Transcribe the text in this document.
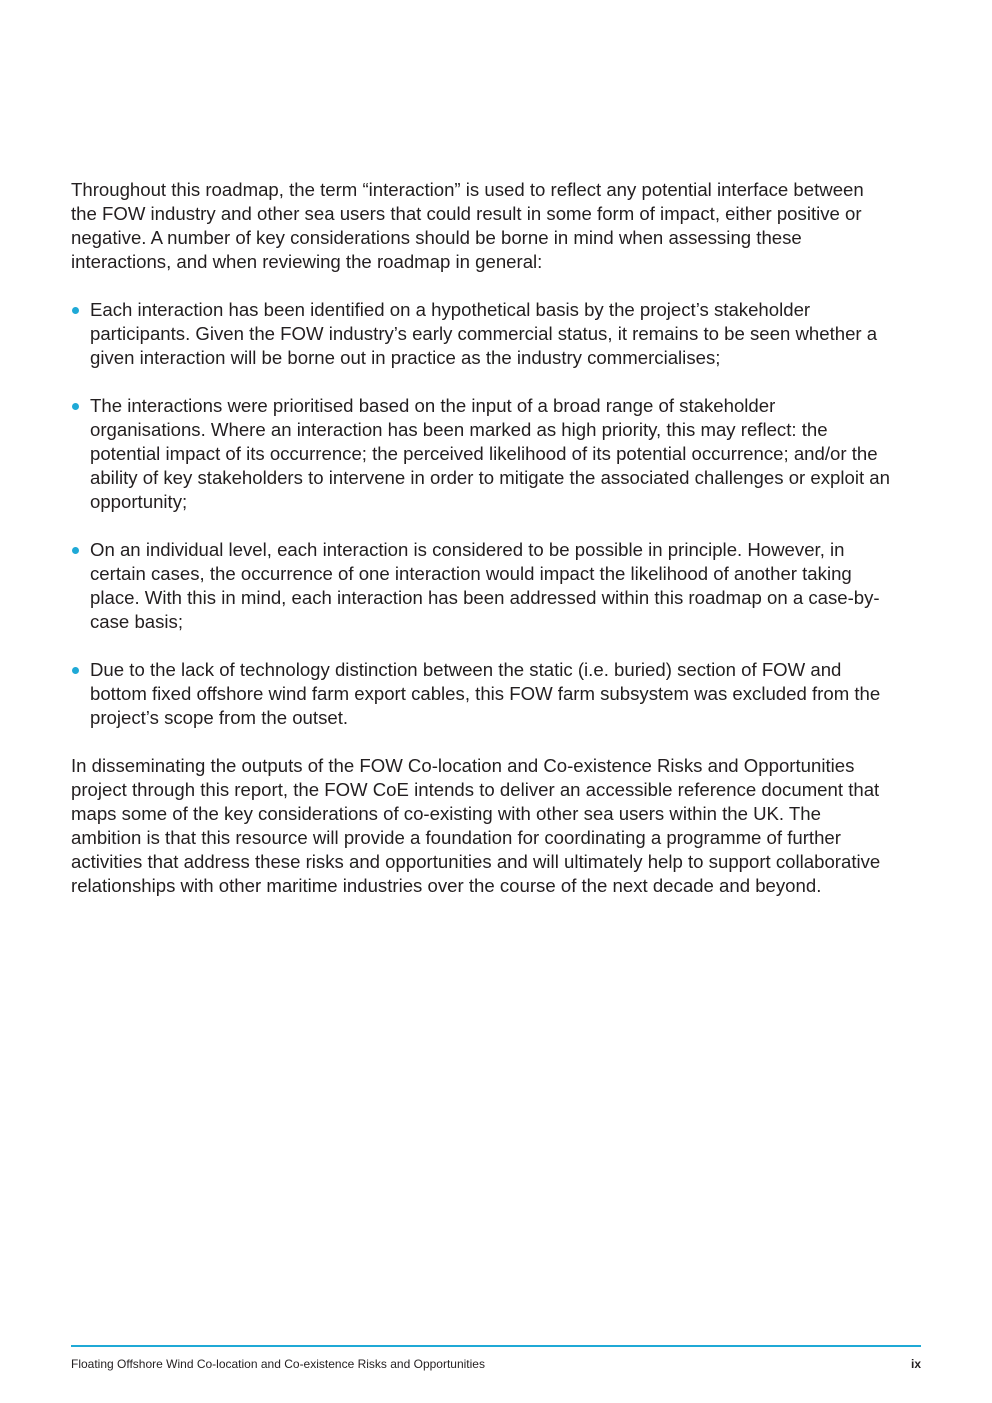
Throughout this roadmap, the term “interaction” is used to reflect any potential interface between the FOW industry and other sea users that could result in some form of impact, either positive or negative. A number of key considerations should be borne in mind when assessing these interactions, and when reviewing the roadmap in general:

Each interaction has been identified on a hypothetical basis by the project’s stakeholder participants. Given the FOW industry’s early commercial status, it remains to be seen whether a given interaction will be borne out in practice as the industry commercialises;
The interactions were prioritised based on the input of a broad range of stakeholder organisations. Where an interaction has been marked as high priority, this may reflect: the potential impact of its occurrence; the perceived likelihood of its potential occurrence; and/or the ability of key stakeholders to intervene in order to mitigate the associated challenges or exploit an opportunity;
On an individual level, each interaction is considered to be possible in principle. However, in certain cases, the occurrence of one interaction would impact the likelihood of another taking place. With this in mind, each interaction has been addressed within this roadmap on a case-by-case basis;
Due to the lack of technology distinction between the static (i.e. buried) section of FOW and bottom fixed offshore wind farm export cables, this FOW farm subsystem was excluded from the project’s scope from the outset.

In disseminating the outputs of the FOW Co-location and Co-existence Risks and Opportunities project through this report, the FOW CoE intends to deliver an accessible reference document that maps some of the key considerations of co-existing with other sea users within the UK. The ambition is that this resource will provide a foundation for coordinating a programme of further activities that address these risks and opportunities and will ultimately help to support collaborative relationships with other maritime industries over the course of the next decade and beyond.

Floating Offshore Wind Co-location and Co-existence Risks and Opportunities	ix
